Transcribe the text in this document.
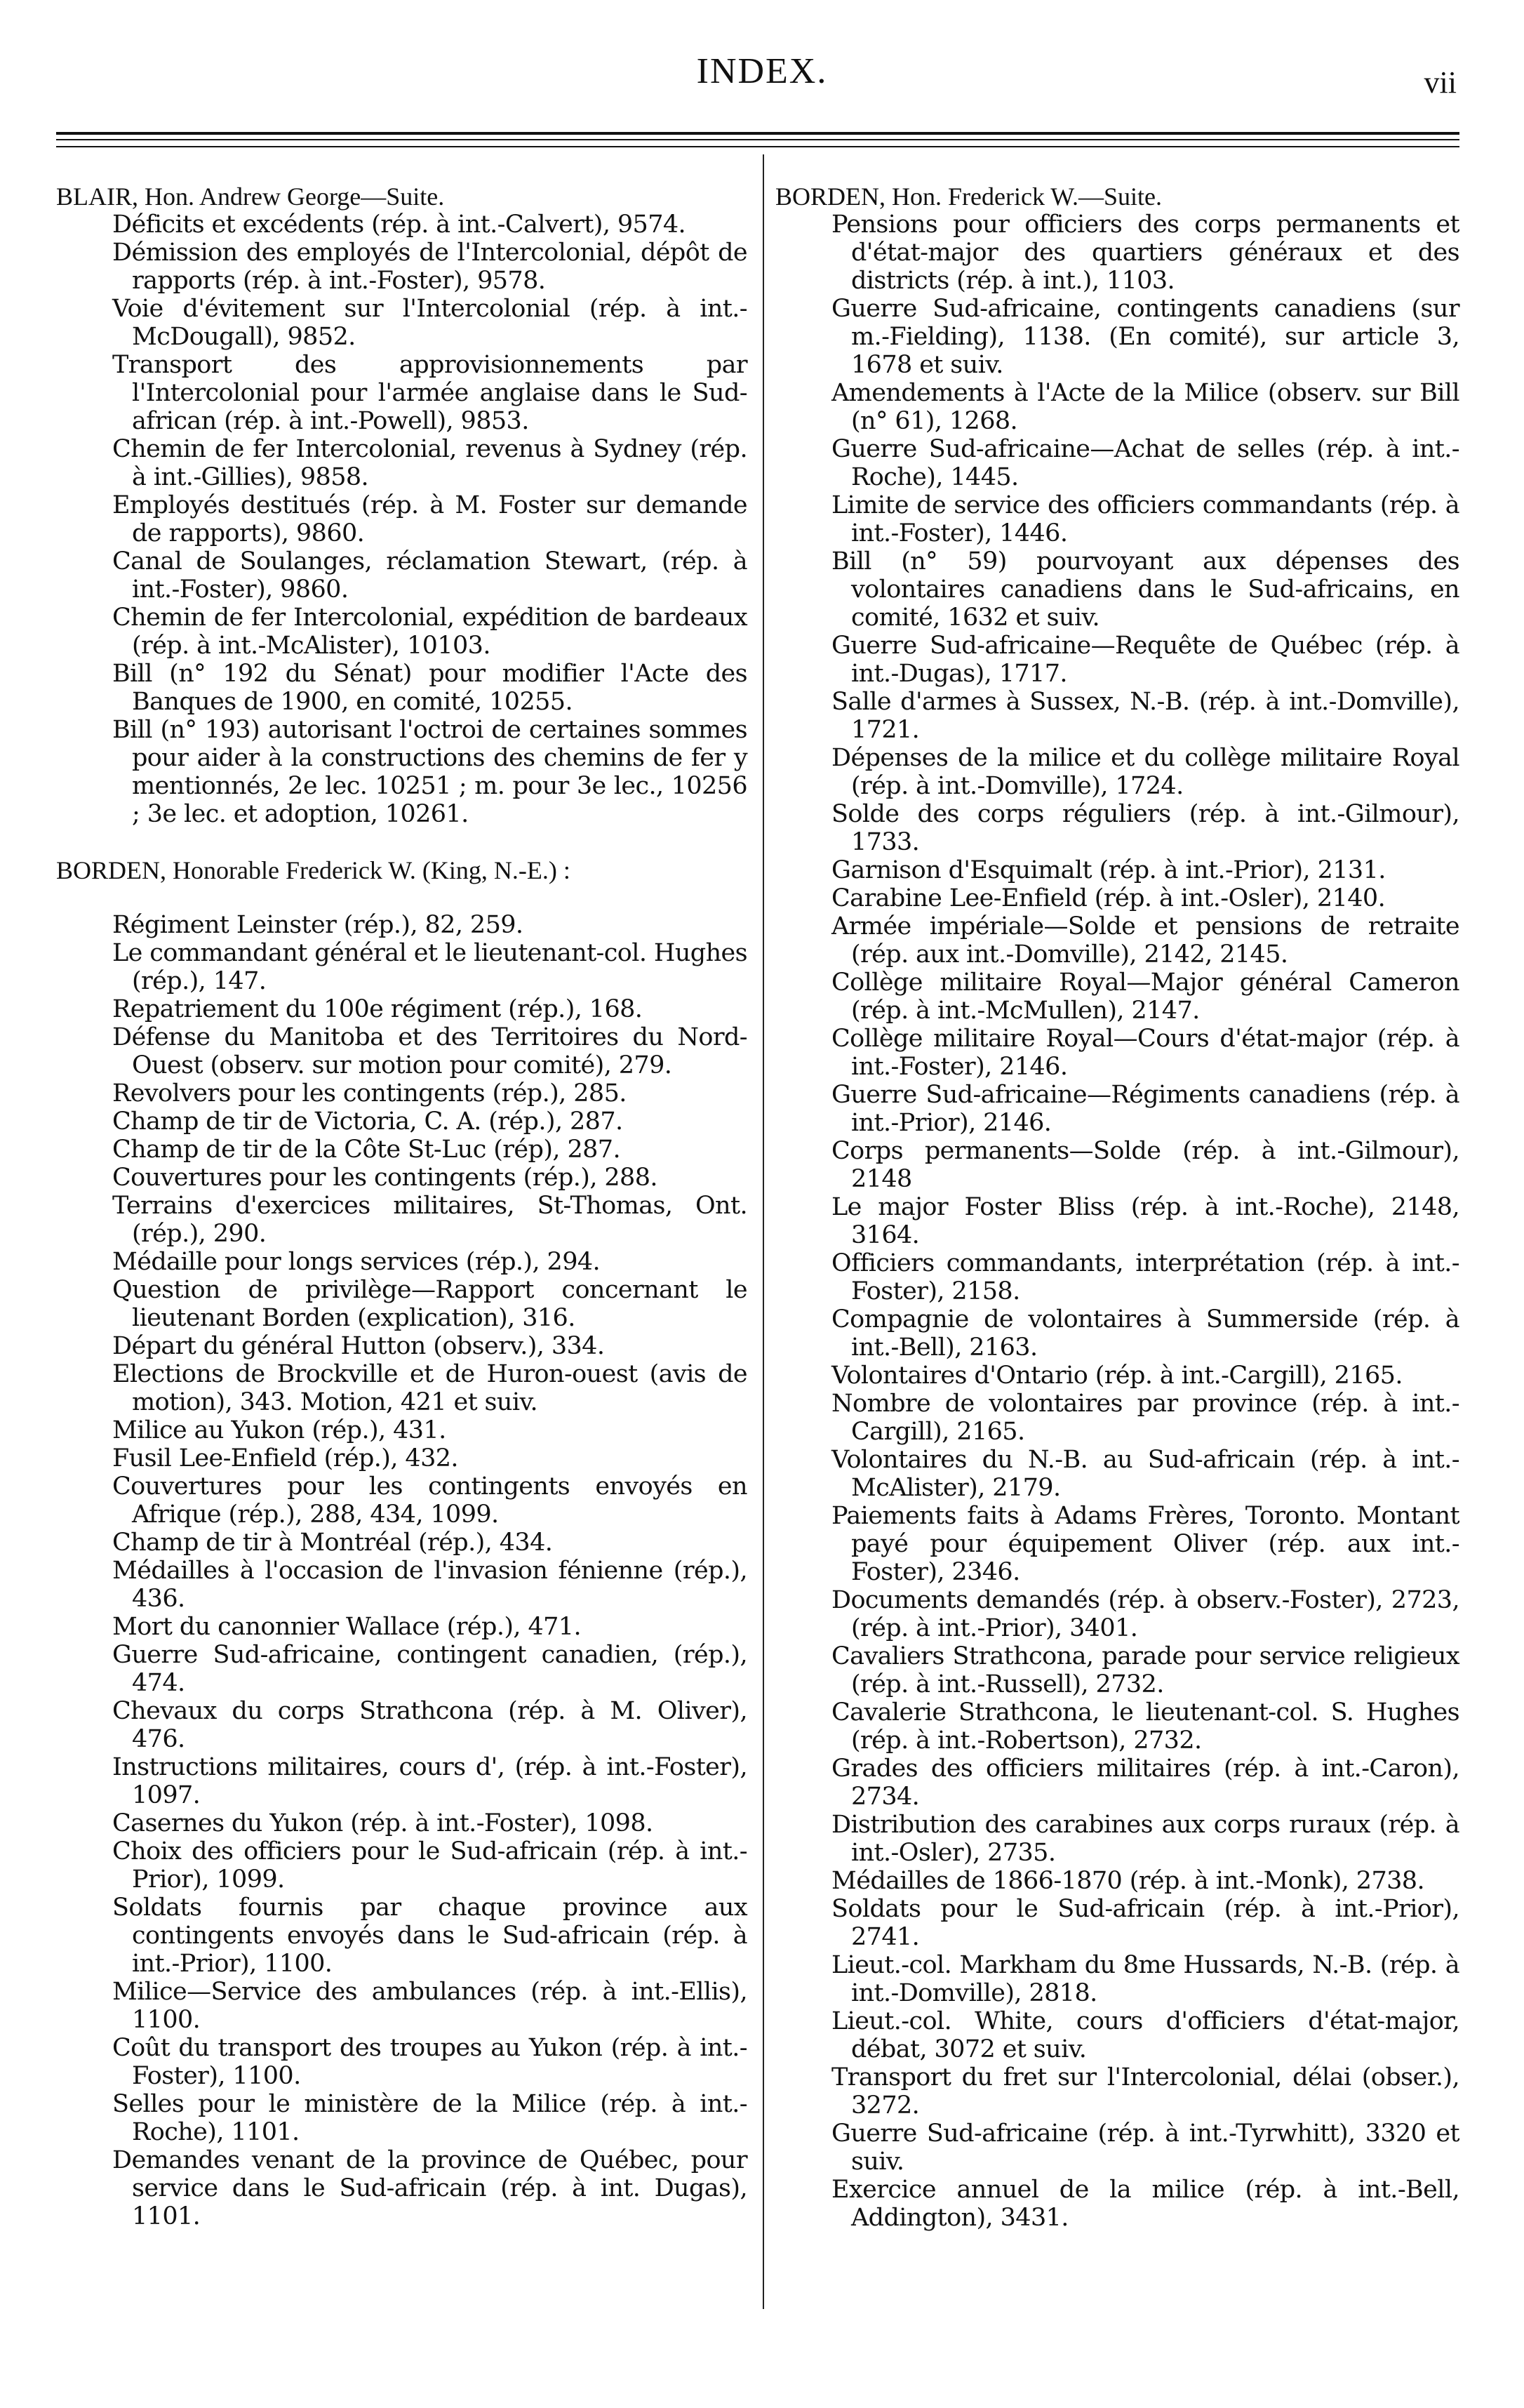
INDEX.	vii

BLAIR, Hon. Andrew George—Suite.

Déficits et excédents (rép. à int.-Calvert), 9574.
Démission des employés de l'Intercolonial, dépôt de rapports (rép. à int.-Foster), 9578.
Voie d'évitement sur l'Intercolonial (rép. à int.-McDougall), 9852.
Transport des approvisionnements par l'Intercolonial pour l'armée anglaise dans le Sud-african (rép. à int.-Powell), 9853.
Chemin de fer Intercolonial, revenus à Sydney (rép. à int.-Gillies), 9858.
Employés destitués (rép. à M. Foster sur demande de rapports), 9860.
Canal de Soulanges, réclamation Stewart, (rép. à int.-Foster), 9860.
Chemin de fer Intercolonial, expédition de bardeaux (rép. à int.-McAlister), 10103.
Bill (n° 192 du Sénat) pour modifier l'Acte des Banques de 1900, en comité, 10255.
Bill (n° 193) autorisant l'octroi de certaines sommes pour aider à la constructions des chemins de fer y mentionnés, 2e lec. 10251 ; m. pour 3e lec., 10256 ; 3e lec. et adoption, 10261.

BORDEN, Honorable Frederick W. (King, N.-E.) :

Régiment Leinster (rép.), 82, 259.
Le commandant général et le lieutenant-col. Hughes (rép.), 147.
Repatriement du 100e régiment (rép.), 168.
Défense du Manitoba et des Territoires du Nord-Ouest (observ. sur motion pour comité), 279.
Revolvers pour les contingents (rép.), 285.
Champ de tir de Victoria, C. A. (rép.), 287.
Champ de tir de la Côte St-Luc (rép), 287.
Couvertures pour les contingents (rép.), 288.
Terrains d'exercices militaires, St-Thomas, Ont. (rép.), 290.
Médaille pour longs services (rép.), 294.
Question de privilège—Rapport concernant le lieutenant Borden (explication), 316.
Départ du général Hutton (observ.), 334.
Elections de Brockville et de Huron-ouest (avis de motion), 343. Motion, 421 et suiv.
Milice au Yukon (rép.), 431.
Fusil Lee-Enfield (rép.), 432.
Couvertures pour les contingents envoyés en Afrique (rép.), 288, 434, 1099.
Champ de tir à Montréal (rép.), 434.
Médailles à l'occasion de l'invasion fénienne (rép.), 436.
Mort du canonnier Wallace (rép.), 471.
Guerre Sud-africaine, contingent canadien, (rép.), 474.
Chevaux du corps Strathcona (rép. à M. Oliver), 476.
Instructions militaires, cours d', (rép. à int.-Foster), 1097.
Casernes du Yukon (rép. à int.-Foster), 1098.
Choix des officiers pour le Sud-africain (rép. à int.-Prior), 1099.
Soldats fournis par chaque province aux contingents envoyés dans le Sud-africain (rép. à int.-Prior), 1100.
Milice—Service des ambulances (rép. à int.-Ellis), 1100.
Coût du transport des troupes au Yukon (rép. à int.-Foster), 1100.
Selles pour le ministère de la Milice (rép. à int.-Roche), 1101.
Demandes venant de la province de Québec, pour service dans le Sud-africain (rép. à int. Dugas), 1101.

BORDEN, Hon. Frederick W.—Suite.

Pensions pour officiers des corps permanents et d'état-major des quartiers généraux et des districts (rép. à int.), 1103.
Guerre Sud-africaine, contingents canadiens (sur m.-Fielding), 1138. (En comité), sur article 3, 1678 et suiv.
Amendements à l'Acte de la Milice (observ. sur Bill (n° 61), 1268.
Guerre Sud-africaine—Achat de selles (rép. à int.-Roche), 1445.
Limite de service des officiers commandants (rép. à int.-Foster), 1446.
Bill (n° 59) pourvoyant aux dépenses des volontaires canadiens dans le Sud-africains, en comité, 1632 et suiv.
Guerre Sud-africaine—Requête de Québec (rép. à int.-Dugas), 1717.
Salle d'armes à Sussex, N.-B. (rép. à int.-Domville), 1721.
Dépenses de la milice et du collège militaire Royal (rép. à int.-Domville), 1724.
Solde des corps réguliers (rép. à int.-Gilmour), 1733.
Garnison d'Esquimalt (rép. à int.-Prior), 2131.
Carabine Lee-Enfield (rép. à int.-Osler), 2140.
Armée impériale—Solde et pensions de retraite (rép. aux int.-Domville), 2142, 2145.
Collège militaire Royal—Major général Cameron (rép. à int.-McMullen), 2147.
Collège militaire Royal—Cours d'état-major (rép. à int.-Foster), 2146.
Guerre Sud-africaine—Régiments canadiens (rép. à int.-Prior), 2146.
Corps permanents—Solde (rép. à int.-Gilmour), 2148
Le major Foster Bliss (rép. à int.-Roche), 2148, 3164.
Officiers commandants, interprétation (rép. à int.-Foster), 2158.
Compagnie de volontaires à Summerside (rép. à int.-Bell), 2163.
Volontaires d'Ontario (rép. à int.-Cargill), 2165.
Nombre de volontaires par province (rép. à int.-Cargill), 2165.
Volontaires du N.-B. au Sud-africain (rép. à int.-McAlister), 2179.
Paiements faits à Adams Frères, Toronto. Montant payé pour équipement Oliver (rép. aux int.-Foster), 2346.
Documents demandés (rép. à observ.-Foster), 2723, (rép. à int.-Prior), 3401.
Cavaliers Strathcona, parade pour service religieux (rép. à int.-Russell), 2732.
Cavalerie Strathcona, le lieutenant-col. S. Hughes (rép. à int.-Robertson), 2732.
Grades des officiers militaires (rép. à int.-Caron), 2734.
Distribution des carabines aux corps ruraux (rép. à int.-Osler), 2735.
Médailles de 1866-1870 (rép. à int.-Monk), 2738.
Soldats pour le Sud-africain (rép. à int.-Prior), 2741.
Lieut.-col. Markham du 8me Hussards, N.-B. (rép. à int.-Domville), 2818.
Lieut.-col. White, cours d'officiers d'état-major, débat, 3072 et suiv.
Transport du fret sur l'Intercolonial, délai (obser.), 3272.
Guerre Sud-africaine (rép. à int.-Tyrwhitt), 3320 et suiv.
Exercice annuel de la milice (rép. à int.-Bell, Addington), 3431.
